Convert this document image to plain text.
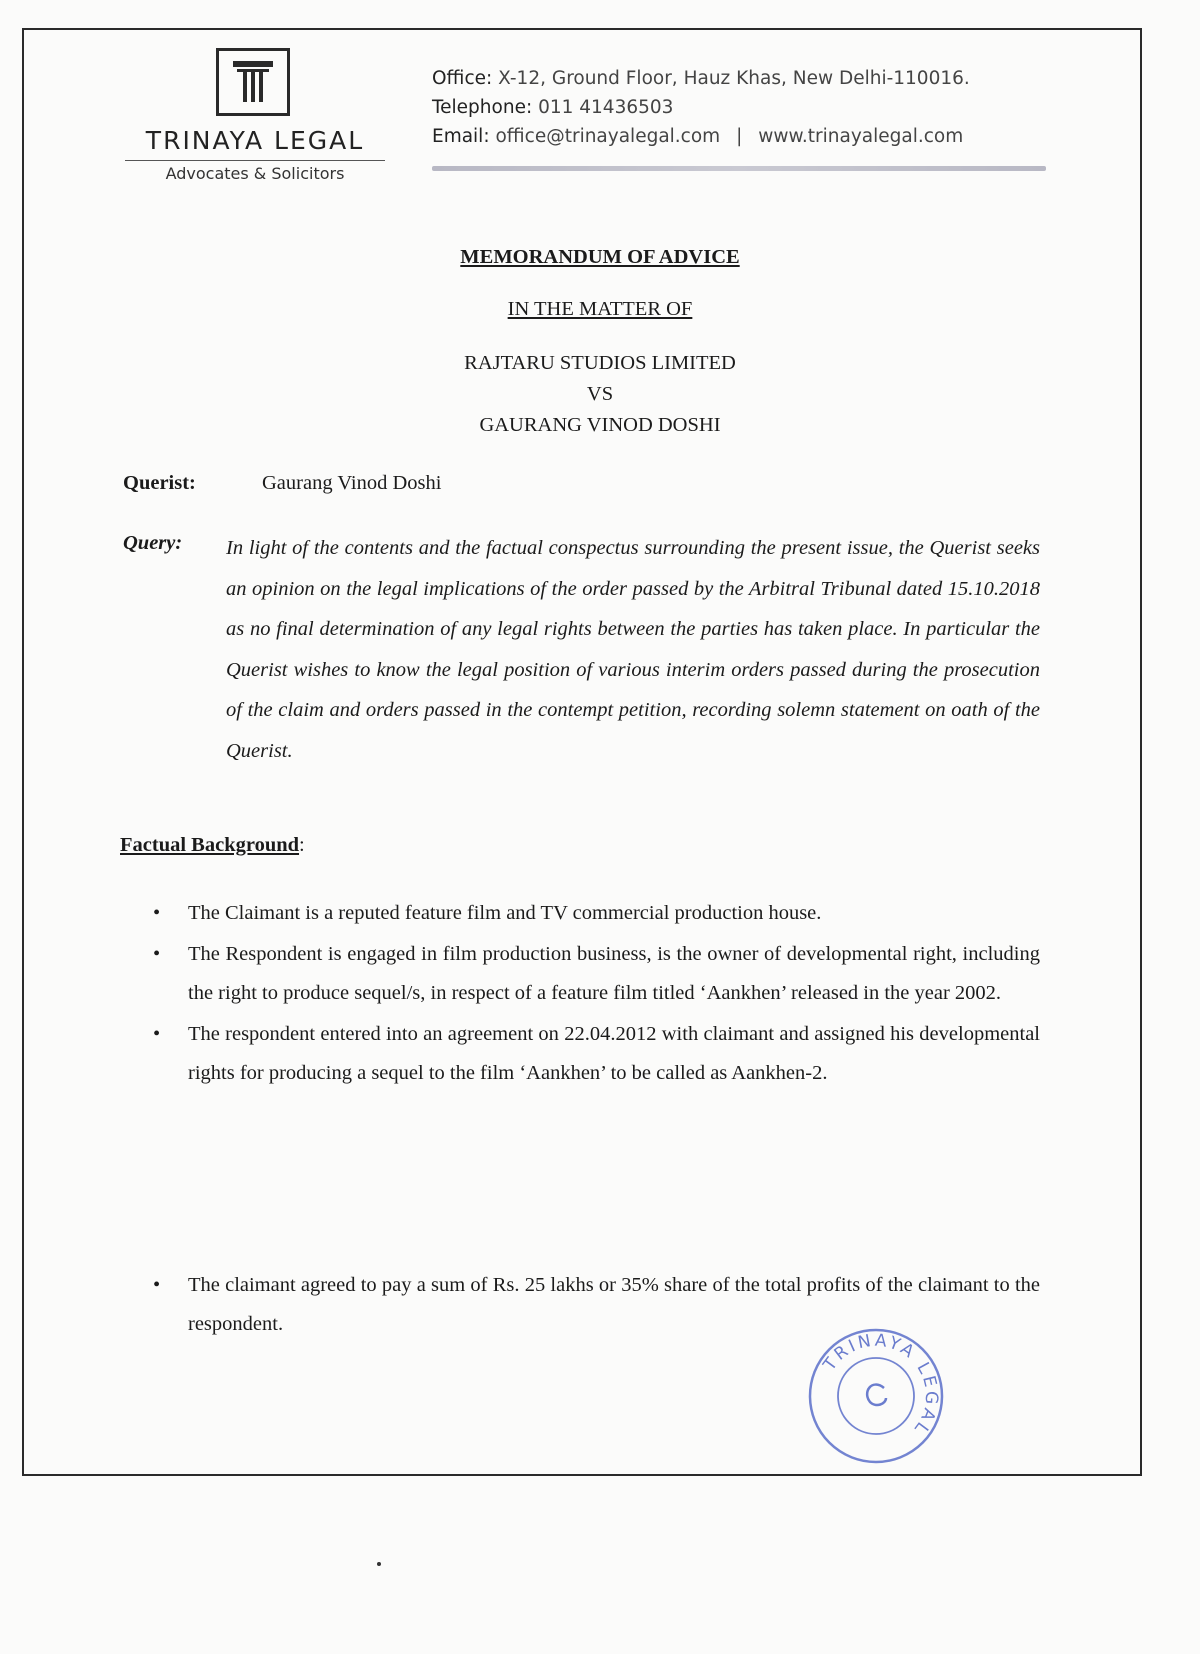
TRINAYA LEGAL
Advocates & Solicitors
Office: X-12, Ground Floor, Hauz Khas, New Delhi-110016.
Telephone: 011 41436503
Email: office@trinayalegal.com | www.trinayalegal.com
MEMORANDUM OF ADVICE
IN THE MATTER OF
RAJTARU STUDIOS LIMITED
VS
GAURANG VINOD DOSHI
Querist:	Gaurang Vinod Doshi
Query: In light of the contents and the factual conspectus surrounding the present issue, the Querist seeks an opinion on the legal implications of the order passed by the Arbitral Tribunal dated 15.10.2018 as no final determination of any legal rights between the parties has taken place. In particular the Querist wishes to know the legal position of various interim orders passed during the prosecution of the claim and orders passed in the contempt petition, recording solemn statement on oath of the Querist.
Factual Background:
• The Claimant is a reputed feature film and TV commercial production house.
• The Respondent is engaged in film production business, is the owner of developmental right, including the right to produce sequel/s, in respect of a feature film titled ‘Aankhen’ released in the year 2002.
• The respondent entered into an agreement on 22.04.2012 with claimant and assigned his developmental rights for producing a sequel to the film ‘Aankhen’ to be called as Aankhen-2.
• The claimant agreed to pay a sum of Rs. 25 lakhs or 35% share of the total profits of the claimant to the respondent.
TRINAYA LEGAL
